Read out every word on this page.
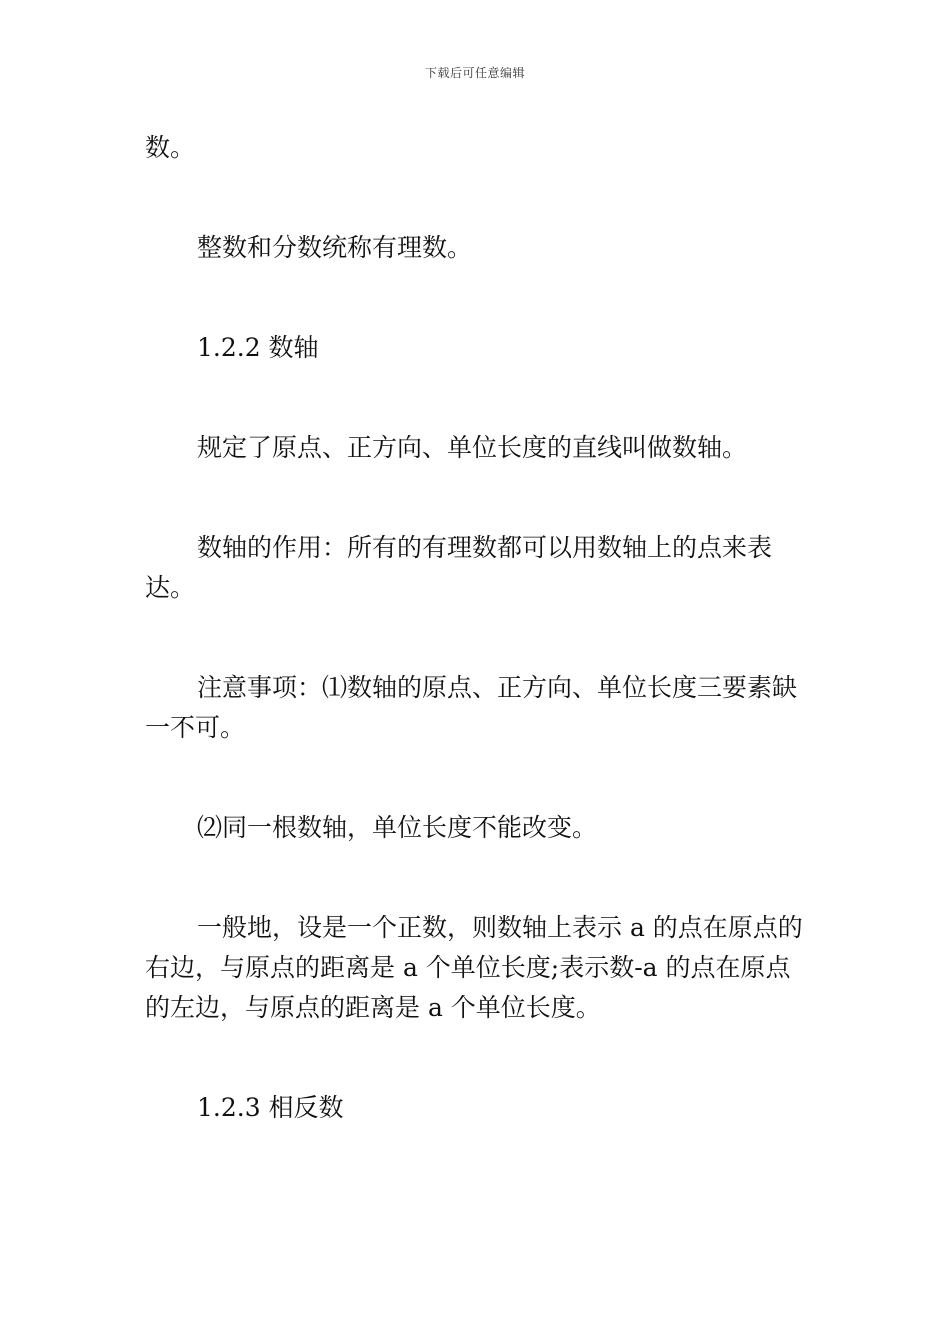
下载后可任意编辑

数。

整数和分数统称有理数。

1.2.2 数轴

规定了原点、正方向、单位长度的直线叫做数轴。

数轴的作用：所有的有理数都可以用数轴上的点来表达。

注意事项：⑴数轴的原点、正方向、单位长度三要素缺一不可。

⑵同一根数轴，单位长度不能改变。

一般地，设是一个正数，则数轴上表示 a 的点在原点的右边，与原点的距离是 a 个单位长度;表示数-a 的点在原点的左边，与原点的距离是 a 个单位长度。

1.2.3 相反数
